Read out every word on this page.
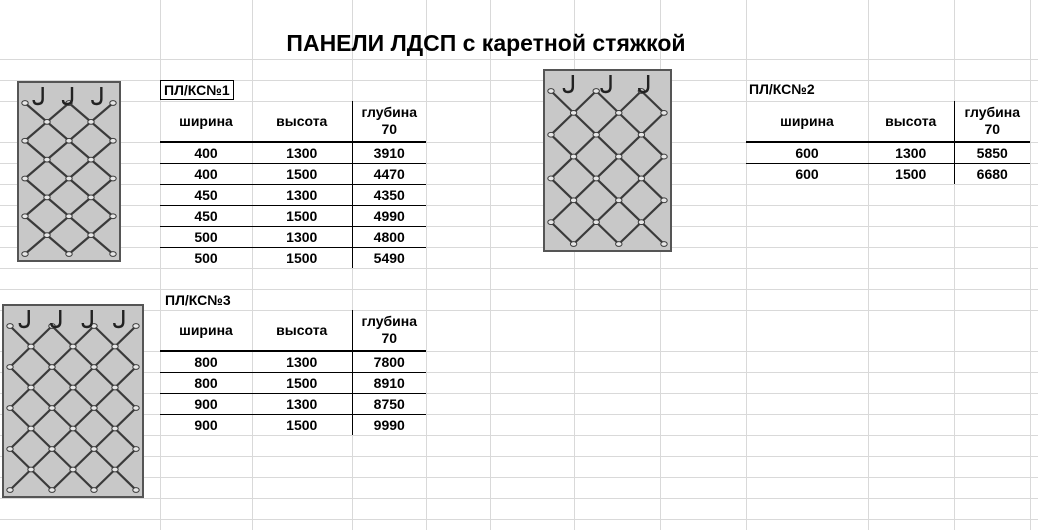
ПАНЕЛИ ЛДСП с каретной стяжкой
ПЛ/КС№1	ПЛ/КС№2
ПЛ/КС№3
ширина	высота	глубина
70
400	1300	3910
400	1500	4470
450	1300	4350
450	1500	4990
500	1300	4800
500	1500	5490
ширина	высота	глубина
70
600	1300	5850
600	1500	6680
ширина	высота	глубина
70
800	1300	7800
800	1500	8910
900	1300	8750
900	1500	9990
